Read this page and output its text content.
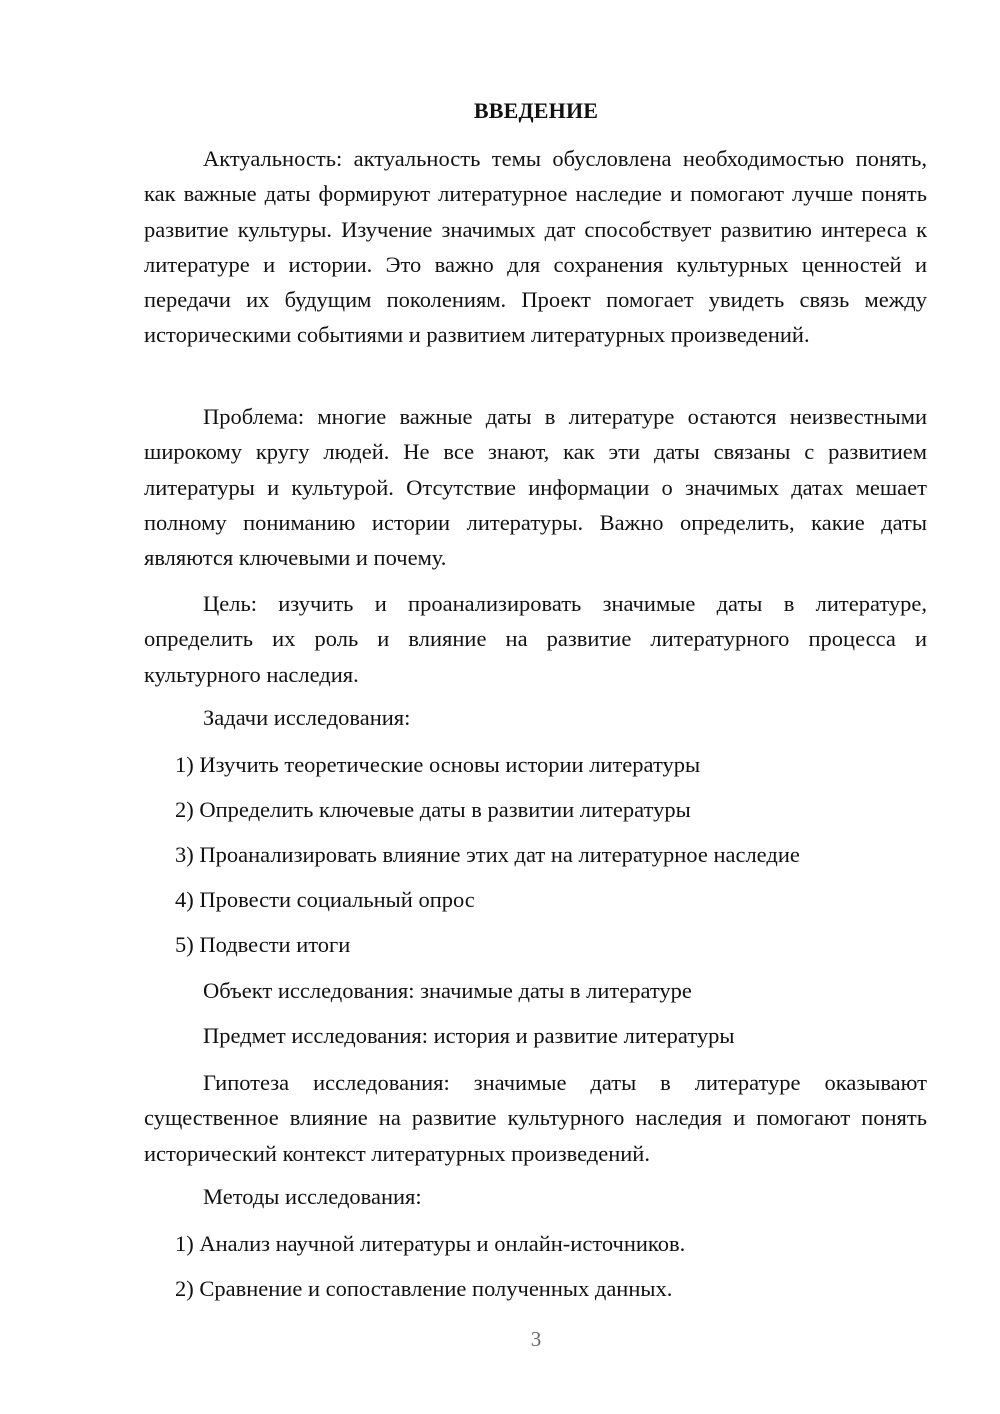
ВВЕДЕНИЕ

Актуальность: актуальность темы обусловлена необходимостью понять, как важные даты формируют литературное наследие и помогают лучше понять развитие культуры. Изучение значимых дат способствует развитию интереса к литературе и истории. Это важно для сохранения культурных ценностей и передачи их будущим поколениям. Проект помогает увидеть связь между историческими событиями и развитием литературных произведений.

Проблема: многие важные даты в литературе остаются неизвестными широкому кругу людей. Не все знают, как эти даты связаны с развитием литературы и культурой. Отсутствие информации о значимых датах мешает полному пониманию истории литературы. Важно определить, какие даты являются ключевыми и почему.

Цель: изучить и проанализировать значимые даты в литературе, определить их роль и влияние на развитие литературного процесса и культурного наследия.

Задачи исследования:

1) Изучить теоретические основы истории литературы

2) Определить ключевые даты в развитии литературы

3) Проанализировать влияние этих дат на литературное наследие

4) Провести социальный опрос

5) Подвести итоги

Объект исследования: значимые даты в литературе

Предмет исследования: история и развитие литературы

Гипотеза исследования: значимые даты в литературе оказывают существенное влияние на развитие культурного наследия и помогают понять исторический контекст литературных произведений.

Методы исследования:

1) Анализ научной литературы и онлайн-источников.

2) Сравнение и сопоставление полученных данных.

3
